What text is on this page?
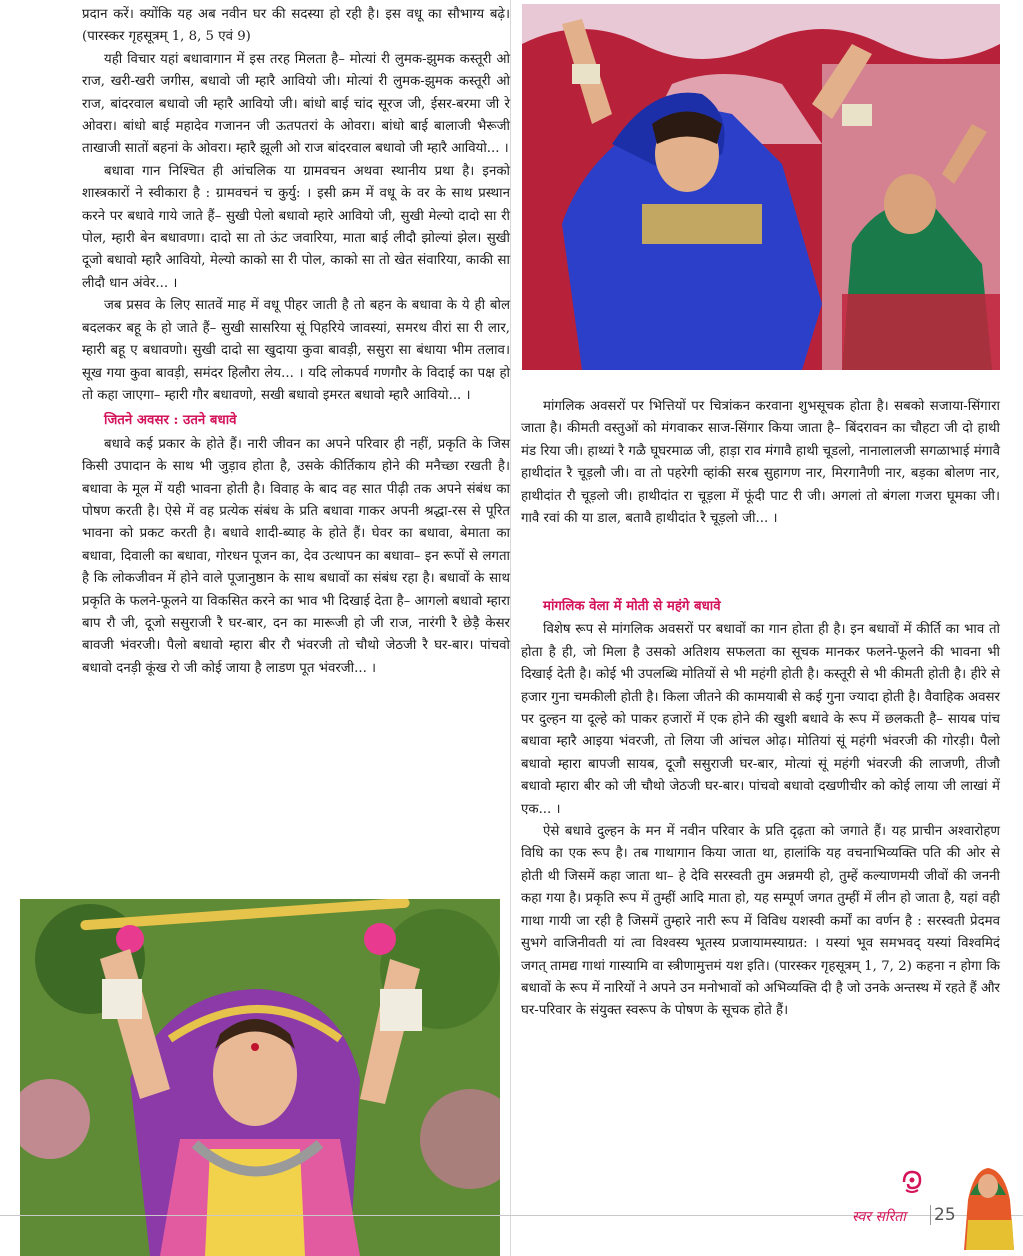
प्रदान करें। क्योंकि यह अब नवीन घर की सदस्या हो रही है। इस वधू का सौभाग्य बढ़े। (पारस्कर गृहसूत्रम् 1, 8, 5 एवं 9)

यही विचार यहां बधावागान में इस तरह मिलता है– मोत्यां री लुमक-झुमक कस्तूरी ओ राज, खरी-खरी जगीस, बधावो जी म्हारै आवियो जी। मोत्यां री लुमक-झुमक कस्तूरी ओ राज, बांदरवाल बधावो जी म्हारै आवियो जी। बांधो बाई चांद सूरज जी, ईसर-बरमा जी रे ओवरा। बांधो बाई महादेव गजानन जी ऊतपतरां के ओवरा। बांधो बाई बालाजी भैरूजी ताखाजी सातों बहनां के ओवरा। म्हारै झूली ओ राज बांदरवाल बधावो जी म्हारै आवियो... ।

बधावा गान निश्चित ही आंचलिक या ग्रामवचन अथवा स्थानीय प्रथा है। इनको शास्त्रकारों ने स्वीकारा है : ग्रामवचनं च कुर्यु: । इसी क्रम में वधू के वर के साथ प्रस्थान करने पर बधावे गाये जाते हैं– सुखी पेलो बधावो म्हारे आवियो जी, सुखी मेल्यो दादो सा री पोल, म्हारी बेन बधावणा। दादो सा तो ऊंट जवारिया, माता बाई लीदौ झोल्यां झेल। सुखी दूजो बधावो म्हारै आवियो, मेल्यो काको सा री पोल, काको सा तो खेत संवारिया, काकी सा लीदौ धान अंवेर... ।

जब प्रसव के लिए सातवें माह में वधू पीहर जाती है तो बहन के बधावा के ये ही बोल बदलकर बहू के हो जाते हैं– सुखी सासरिया सूं पिहरिये जावस्यां, समरथ वीरां सा री लार, म्हारी बहू ए बधावणो। सुखी दादो सा खुदाया कुवा बावड़ी, ससुरा सा बंधाया भीम तलाव। सूख गया कुवा बावड़ी, समंदर हिलौरा लेय... । यदि लोकपर्व गणगौर के विदाई का पक्ष हो तो कहा जाएगा– म्हारी गौर बधावणो, सखी बधावो इमरत बधावो म्हारै आवियो... ।

जितने अवसर : उतने बधावे

बधावे कई प्रकार के होते हैं। नारी जीवन का अपने परिवार ही नहीं, प्रकृति के जिस किसी उपादान के साथ भी जुड़ाव होता है, उसके कीर्तिकाय होने की मनैच्छा रखती है। बधावा के मूल में यही भावना होती है। विवाह के बाद वह सात पीढ़ी तक अपने संबंध का पोषण करती है। ऐसे में वह प्रत्येक संबंध के प्रति बधावा गाकर अपनी श्रद्धा-रस से पूरित भावना को प्रकट करती है। बधावे शादी-ब्याह के होते हैं। घेवर का बधावा, बेमाता का बधावा, दिवाली का बधावा, गोरधन पूजन का, देव उत्थापन का बधावा– इन रूपों से लगता है कि लोकजीवन में होने वाले पूजानुष्ठान के साथ बधावों का संबंध रहा है। बधावों के साथ प्रकृति के फलने-फूलने या विकसित करने का भाव भी दिखाई देता है– आगलो बधावो म्हारा बाप रौ जी, दूजो ससुराजी रै घर-बार, दन का मारूजी हो जी राज, नारंगी रै छेड़ै केसर बावजी भंवरजी। पैलो बधावो म्हारा बीर रौ भंवरजी तो चौथो जेठजी रै घर-बार। पांचवो बधावो दनड़ी कूंख रो जी कोई जाया है लाडण पूत भंवरजी... ।

मांगलिक अवसरों पर भित्तियों पर चित्रांकन करवाना शुभसूचक होता है। सबको सजाया-सिंगारा जाता है। कीमती वस्तुओं को मंगवाकर साज-सिंगार किया जाता है– बिंदरावन का चौहटा जी दो हाथी मंड रिया जी। हाथ्यां रै गळै घूघरमाळ जी, हाड़ा राव मंगावै हाथी चूडलो, नानालालजी सगळाभाई मंगावै हाथीदांत रै चूड़लौ जी। वा तो पहरेगी व्हांकी सरब सुहागण नार, मिरगानैणी नार, बड़का बोलण नार, हाथीदांत रौ चूड़लो जी। हाथीदांत रा चूड़ला में फूंदी पाट री जी। अगलां तो बंगला गजरा घूमका जी। गावै रवां की या डाल, बतावै हाथीदांत रै चूड़लो जी... ।

मांगलिक वेला में मोती से महंगे बधावे

विशेष रूप से मांगलिक अवसरों पर बधावों का गान होता ही है। इन बधावों में कीर्ति का भाव तो होता है ही, जो मिला है उसको अतिशय सफलता का सूचक मानकर फलने-फूलने की भावना भी दिखाई देती है। कोई भी उपलब्धि मोतियों से भी महंगी होती है। कस्तूरी से भी कीमती होती है। हीरे से हजार गुना चमकीली होती है। किला जीतने की कामयाबी से कई गुना ज्यादा होती है। वैवाहिक अवसर पर दुल्हन या दूल्हे को पाकर हजारों में एक होने की खुशी बधावे के रूप में छलकती है– सायब पांच बधावा म्हारै आइया भंवरजी, तो लिया जी आंचल ओढ़। मोतियां सूं महंगी भंवरजी की गोरड़ी। पैलो बधावो म्हारा बापजी सायब, दूजौ ससुराजी घर-बार, मोत्यां सूं महंगी भंवरजी की लाजणी, तीजौ बधावो म्हारा बीर को जी चौथो जेठजी घर-बार। पांचवो बधावो दखणीचीर को कोई लाया जी लाखां में एक... ।

ऐसे बधावे दुल्हन के मन में नवीन परिवार के प्रति दृढ़ता को जगाते हैं। यह प्राचीन अश्वारोहण विधि का एक रूप है। तब गाथागान किया जाता था, हालांकि यह वचनाभिव्यक्ति पति की ओर से होती थी जिसमें कहा जाता था– हे देवि सरस्वती तुम अन्नमयी हो, तुम्हें कल्याणमयी जीवों की जननी कहा गया है। प्रकृति रूप में तुम्हीं आदि माता हो, यह सम्पूर्ण जगत तुम्हीं में लीन हो जाता है, यहां वही गाथा गायी जा रही है जिसमें तुम्हारे नारी रूप में विविध यशस्वी कर्मों का वर्णन है : सरस्वती प्रेदमव सुभगे वाजिनीवती यां त्वा विश्वस्य भूतस्य प्रजायामस्याग्रत: । यस्यां भूव समभवद् यस्यां विश्वमिदं जगत् तामद्य गाथां गास्यामि वा स्त्रीणामुत्तमं यश इति। (पारस्कर गृहसूत्रम् 1, 7, 2) कहना न होगा कि बधावों के रूप में नारियों ने अपने उन मनोभावों को अभिव्यक्ति दी है जो उनके अन्तस्थ में रहते हैं और घर-परिवार के संयुक्त स्वरूप के पोषण के सूचक होते हैं।

स्वर सरिता 25
